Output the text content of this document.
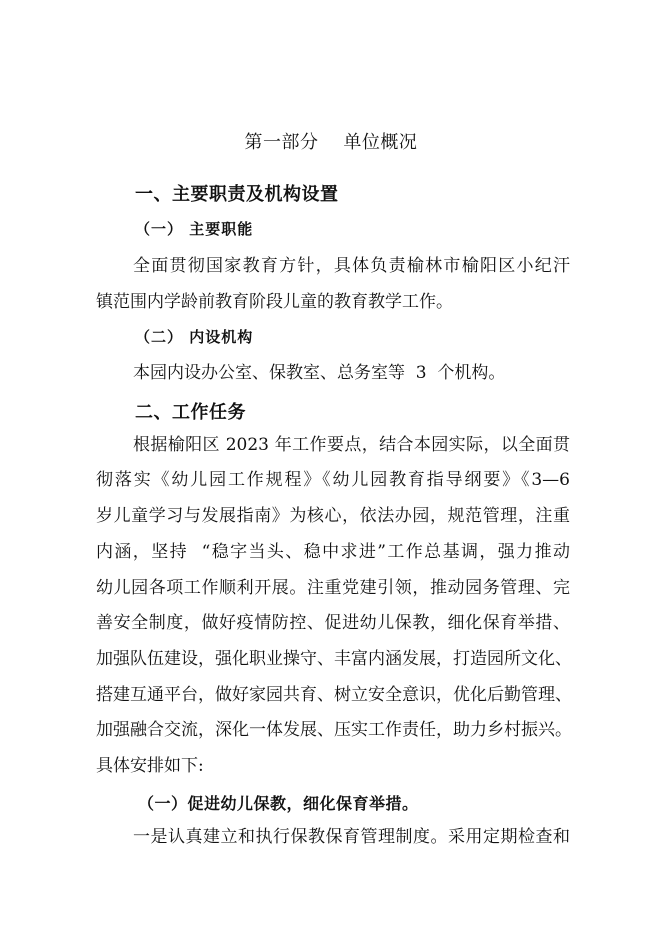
第一部分    单位概况
一、主要职责及机构设置
（一） 主要职能
全面贯彻国家教育方针，具体负责榆林市榆阳区小纪汗
镇范围内学龄前教育阶段儿童的教育教学工作。
（二） 内设机构
本园内设办公室、保教室、总务室等  3  个机构。
二、工作任务
根据榆阳区 2023 年工作要点，结合本园实际，以全面贯
彻落实《幼儿园工作规程》《幼儿园教育指导纲要》《3—6
岁儿童学习与发展指南》为核心，依法办园，规范管理，注重
内涵，坚持  “稳字当头、稳中求进”工作总基调，强力推动
幼儿园各项工作顺利开展。注重党建引领，推动园务管理、完
善安全制度，做好疫情防控、促进幼儿保教，细化保育举措、
加强队伍建设，强化职业操守、丰富内涵发展，打造园所文化、
搭建互通平台，做好家园共育、树立安全意识，优化后勤管理、
加强融合交流，深化一体发展、压实工作责任，助力乡村振兴。
具体安排如下:
（一）促进幼儿保教，细化保育举措。
一是认真建立和执行保教保育管理制度。采用定期检查和
